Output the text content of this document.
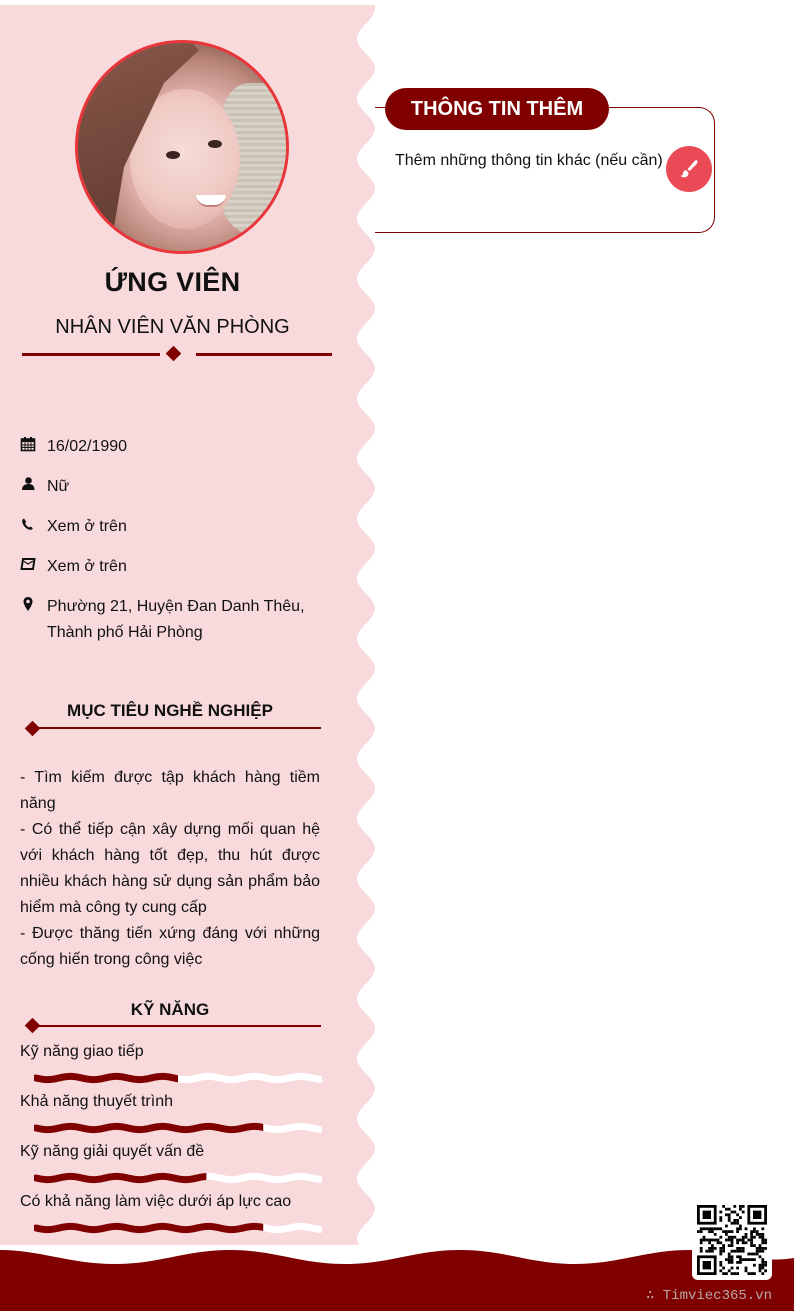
ỨNG VIÊN
NHÂN VIÊN VĂN PHÒNG
16/02/1990
Nữ
Xem ở trên
Xem ở trên
Phường 21, Huyện Đan Danh Thêu,
Thành phố Hải Phòng
MỤC TIÊU NGHỀ NGHIỆP
KỸ NĂNG

- Tìm kiếm được tập khách hàng tiềm năng

- Có thể tiếp cận xây dựng mối quan hệ với khách hàng tốt đẹp, thu hút được nhiều khách hàng sử dụng sản phẩm bảo hiểm mà công ty cung cấp

- Được thăng tiến xứng đáng với những cống hiến trong công việc

Kỹ năng giao tiếp
Khả năng thuyết trình
Kỹ năng giải quyết vấn đề
Có khả năng làm việc dưới áp lực cao
THÔNG TIN THÊM
Thêm những thông tin khác (nếu cần)
∴ Timviec365.vn
